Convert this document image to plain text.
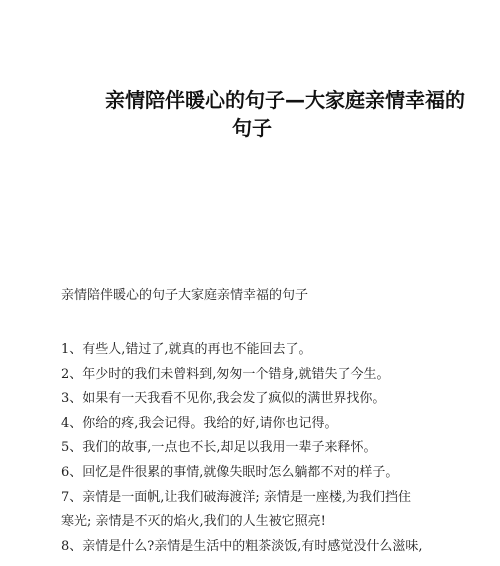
亲情陪伴暖心的句子—大家庭亲情幸福的
句子
亲情陪伴暖心的句子大家庭亲情幸福的句子
1、有些人,错过了,就真的再也不能回去了。
2、年少时的我们未曾料到,匆匆一个错身,就错失了今生。
3、如果有一天我看不见你,我会发了疯似的满世界找你。
4、你给的疼,我会记得。我给的好,请你也记得。
5、我们的故事,一点也不长,却足以我用一辈子来释怀。
6、回忆是件很累的事情,就像失眠时怎么躺都不对的样子。
7、亲情是一面帆,让我们破海渡洋; 亲情是一座楼,为我们挡住
寒光; 亲情是不灭的焰火,我们的人生被它照亮!
8、亲情是什么?亲情是生活中的粗茶淡饭,有时感觉没什么滋味,
